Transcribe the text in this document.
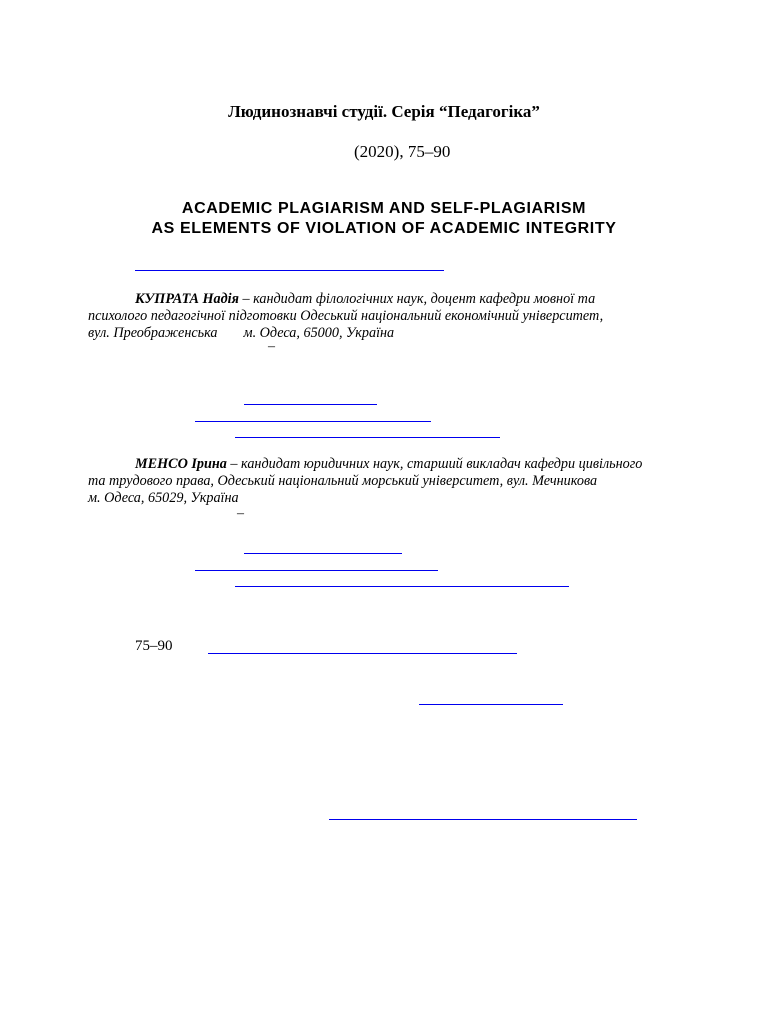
Людинознавчі студії. Серія “Педагогіка”
(2020), 75–90
ACADEMIC PLAGIARISM AND SELF-PLAGIARISM
AS ELEMENTS OF VIOLATION OF ACADEMIC INTEGRITY
КУПРАТА Надія – кандидат філологічних наук, доцент кафедри мовної та
психолого педагогічної підготовки Одеський національний економічний університет,
вул. Преображенська м. Одеса, 65000, Україна
–
МЕНСО Ірина – кандидат юридичних наук, старший викладач кафедри цивільного
та трудового права, Одеський національний морський університет, вул. Мечникова
м. Одеса, 65029, Україна
–
75–90
